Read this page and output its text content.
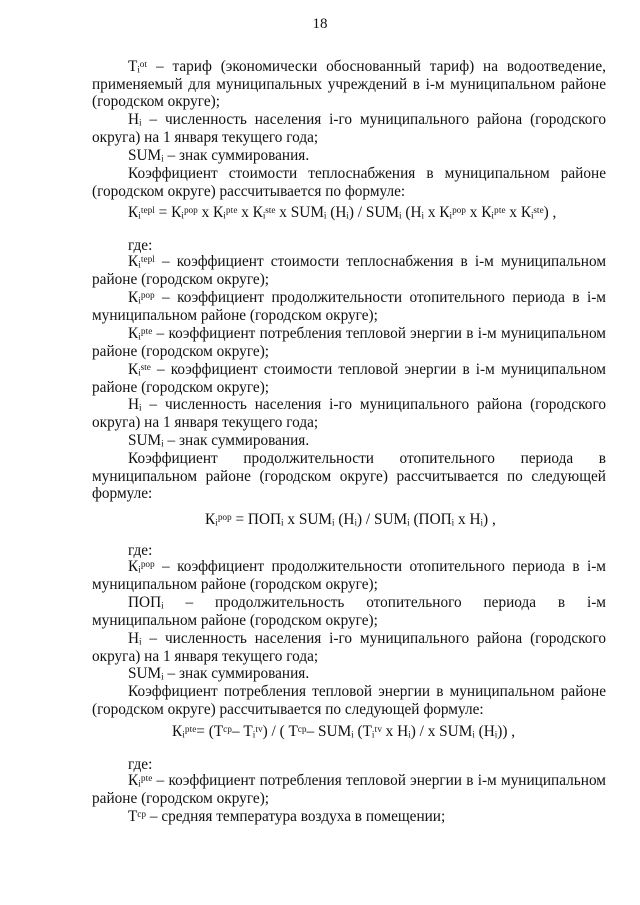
18
Тᵢᵒᵗ – тариф (экономически обоснованный тариф) на водоотведение, применяемый для муниципальных учреждений в i-м муниципальном районе (городском округе);
Нᵢ – численность населения i-го муниципального района (городского округа) на 1 января текущего года;
SUMᵢ – знак суммирования.
Коэффициент стоимости теплоснабжения в муниципальном районе (городском округе) рассчитывается по формуле:
Кᵢᵗᵉᵖˡ = Кᵢᵖᵒᵖ х Кᵢᵖᵗᵉ х Кᵢˢᵗᵉ х SUMᵢ (Нᵢ) / SUMᵢ (Нᵢ х Кᵢᵖᵒᵖ х Кᵢᵖᵗᵉ х Кᵢˢᵗᵉ) ,
где:
Кᵢᵗᵉᵖˡ – коэффициент стоимости теплоснабжения в i-м муниципальном районе (городском округе);
Кᵢᵖᵒᵖ – коэффициент продолжительности отопительного периода в i-м муниципальном районе (городском округе);
Кᵢᵖᵗᵉ – коэффициент потребления тепловой энергии в i-м муниципальном районе (городском округе);
Кᵢˢᵗᵉ – коэффициент стоимости тепловой энергии в i-м муниципальном районе (городском округе);
Нᵢ – численность населения i-го муниципального района (городского округа) на 1 января текущего года;
SUMᵢ – знак суммирования.
Коэффициент продолжительности отопительного периода в муниципальном районе (городском округе) рассчитывается по следующей формуле:
Кᵢᵖᵒᵖ = ПОПᵢ х SUMᵢ (Нᵢ) / SUMᵢ (ПОПᵢ х Нᵢ) ,
где:
Кᵢᵖᵒᵖ – коэффициент продолжительности отопительного периода в i-м муниципальном районе (городском округе);
ПОПᵢ – продолжительность отопительного периода в i-м муниципальном районе (городском округе);
Нᵢ – численность населения i-го муниципального района (городского округа) на 1 января текущего года;
SUMᵢ – знак суммирования.
Коэффициент потребления тепловой энергии в муниципальном районе (городском округе) рассчитывается по следующей формуле:
Кᵢᵖᵗᵉ= (Тᶜᵖ– Тᵢᵗᵛ) / ( Тᶜᵖ– SUMᵢ (Тᵢᵗᵛ х Нᵢ) / х SUMᵢ (Нᵢ)) ,
где:
Кᵢᵖᵗᵉ – коэффициент потребления тепловой энергии в i-м муниципальном районе (городском округе);
Тᶜᵖ – средняя температура воздуха в помещении;
